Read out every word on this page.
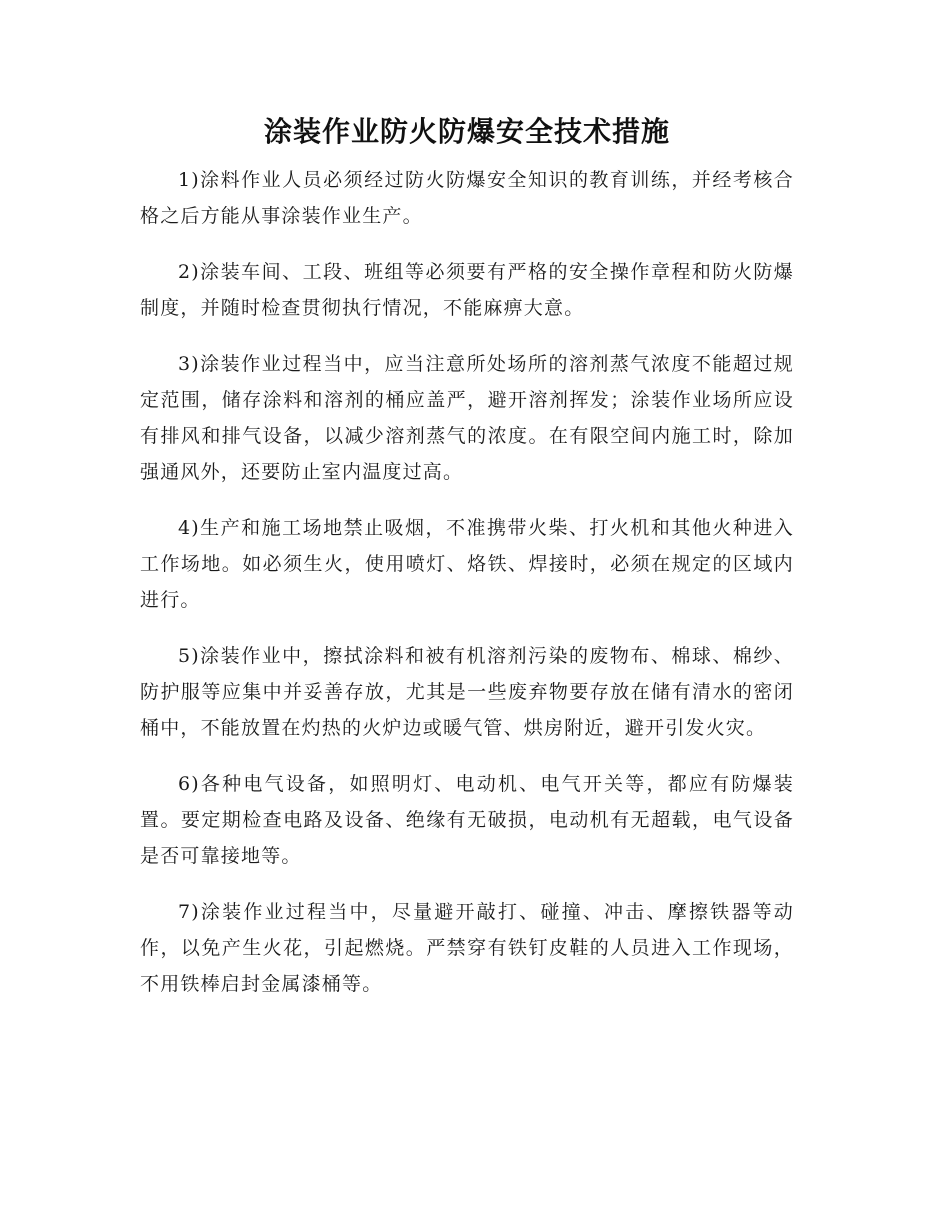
涂装作业防火防爆安全技术措施

1)涂料作业人员必须经过防火防爆安全知识的教育训练，并经考核合格之后方能从事涂装作业生产。

2)涂装车间、工段、班组等必须要有严格的安全操作章程和防火防爆制度，并随时检查贯彻执行情况，不能麻痹大意。

3)涂装作业过程当中，应当注意所处场所的溶剂蒸气浓度不能超过规定范围，储存涂料和溶剂的桶应盖严，避开溶剂挥发；涂装作业场所应设有排风和排气设备，以减少溶剂蒸气的浓度。在有限空间内施工时，除加强通风外，还要防止室内温度过高。

4)生产和施工场地禁止吸烟，不准携带火柴、打火机和其他火种进入工作场地。如必须生火，使用喷灯、烙铁、焊接时，必须在规定的区域内进行。

5)涂装作业中，擦拭涂料和被有机溶剂污染的废物布、棉球、棉纱、防护服等应集中并妥善存放，尤其是一些废弃物要存放在储有清水的密闭桶中，不能放置在灼热的火炉边或暖气管、烘房附近，避开引发火灾。

6)各种电气设备，如照明灯、电动机、电气开关等，都应有防爆装置。要定期检查电路及设备、绝缘有无破损，电动机有无超载，电气设备是否可靠接地等。

7)涂装作业过程当中，尽量避开敲打、碰撞、冲击、摩擦铁器等动作，以免产生火花，引起燃烧。严禁穿有铁钉皮鞋的人员进入工作现场，不用铁棒启封金属漆桶等。
